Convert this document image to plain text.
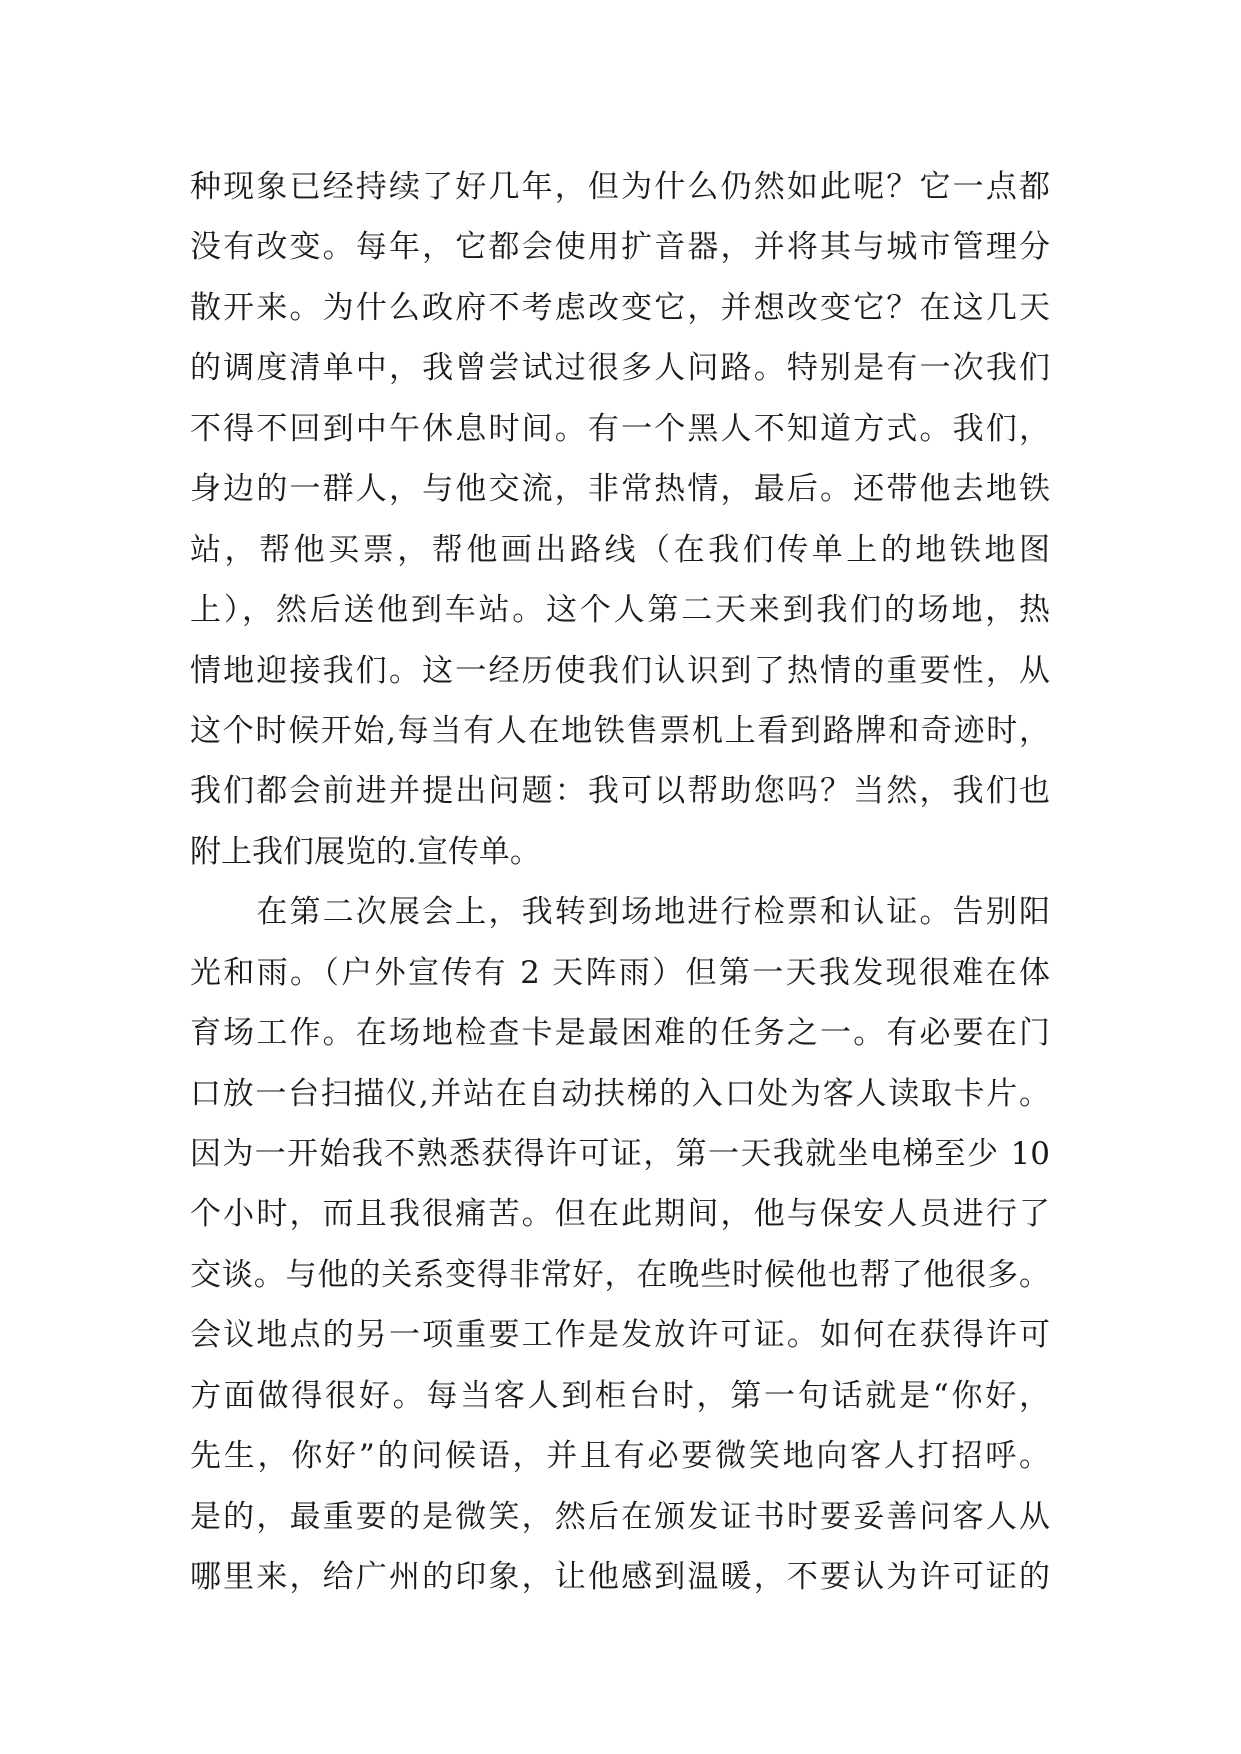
种现象已经持续了好几年，但为什么仍然如此呢？它一点都
没有改变。每年，它都会使用扩音器，并将其与城市管理分
散开来。为什么政府不考虑改变它，并想改变它？在这几天
的调度清单中，我曾尝试过很多人问路。特别是有一次我们
不得不回到中午休息时间。有一个黑人不知道方式。我们，
身边的一群人，与他交流，非常热情，最后。还带他去地铁
站，帮他买票，帮他画出路线（在我们传单上的地铁地图
上），然后送他到车站。这个人第二天来到我们的场地，热
情地迎接我们。这一经历使我们认识到了热情的重要性，从
这个时候开始,每当有人在地铁售票机上看到路牌和奇迹时，
我们都会前进并提出问题：我可以帮助您吗？当然，我们也
附上我们展览的.宣传单。
　　在第二次展会上，我转到场地进行检票和认证。告别阳
光和雨。（户外宣传有 2 天阵雨）但第一天我发现很难在体
育场工作。在场地检查卡是最困难的任务之一。有必要在门
口放一台扫描仪,并站在自动扶梯的入口处为客人读取卡片。
因为一开始我不熟悉获得许可证，第一天我就坐电梯至少 10
个小时，而且我很痛苦。但在此期间，他与保安人员进行了
交谈。与他的关系变得非常好，在晚些时候他也帮了他很多。
会议地点的另一项重要工作是发放许可证。如何在获得许可
方面做得很好。每当客人到柜台时，第一句话就是“你好，
先生，你好”的问候语，并且有必要微笑地向客人打招呼。
是的，最重要的是微笑，然后在颁发证书时要妥善问客人从
哪里来，给广州的印象，让他感到温暖，不要认为许可证的
